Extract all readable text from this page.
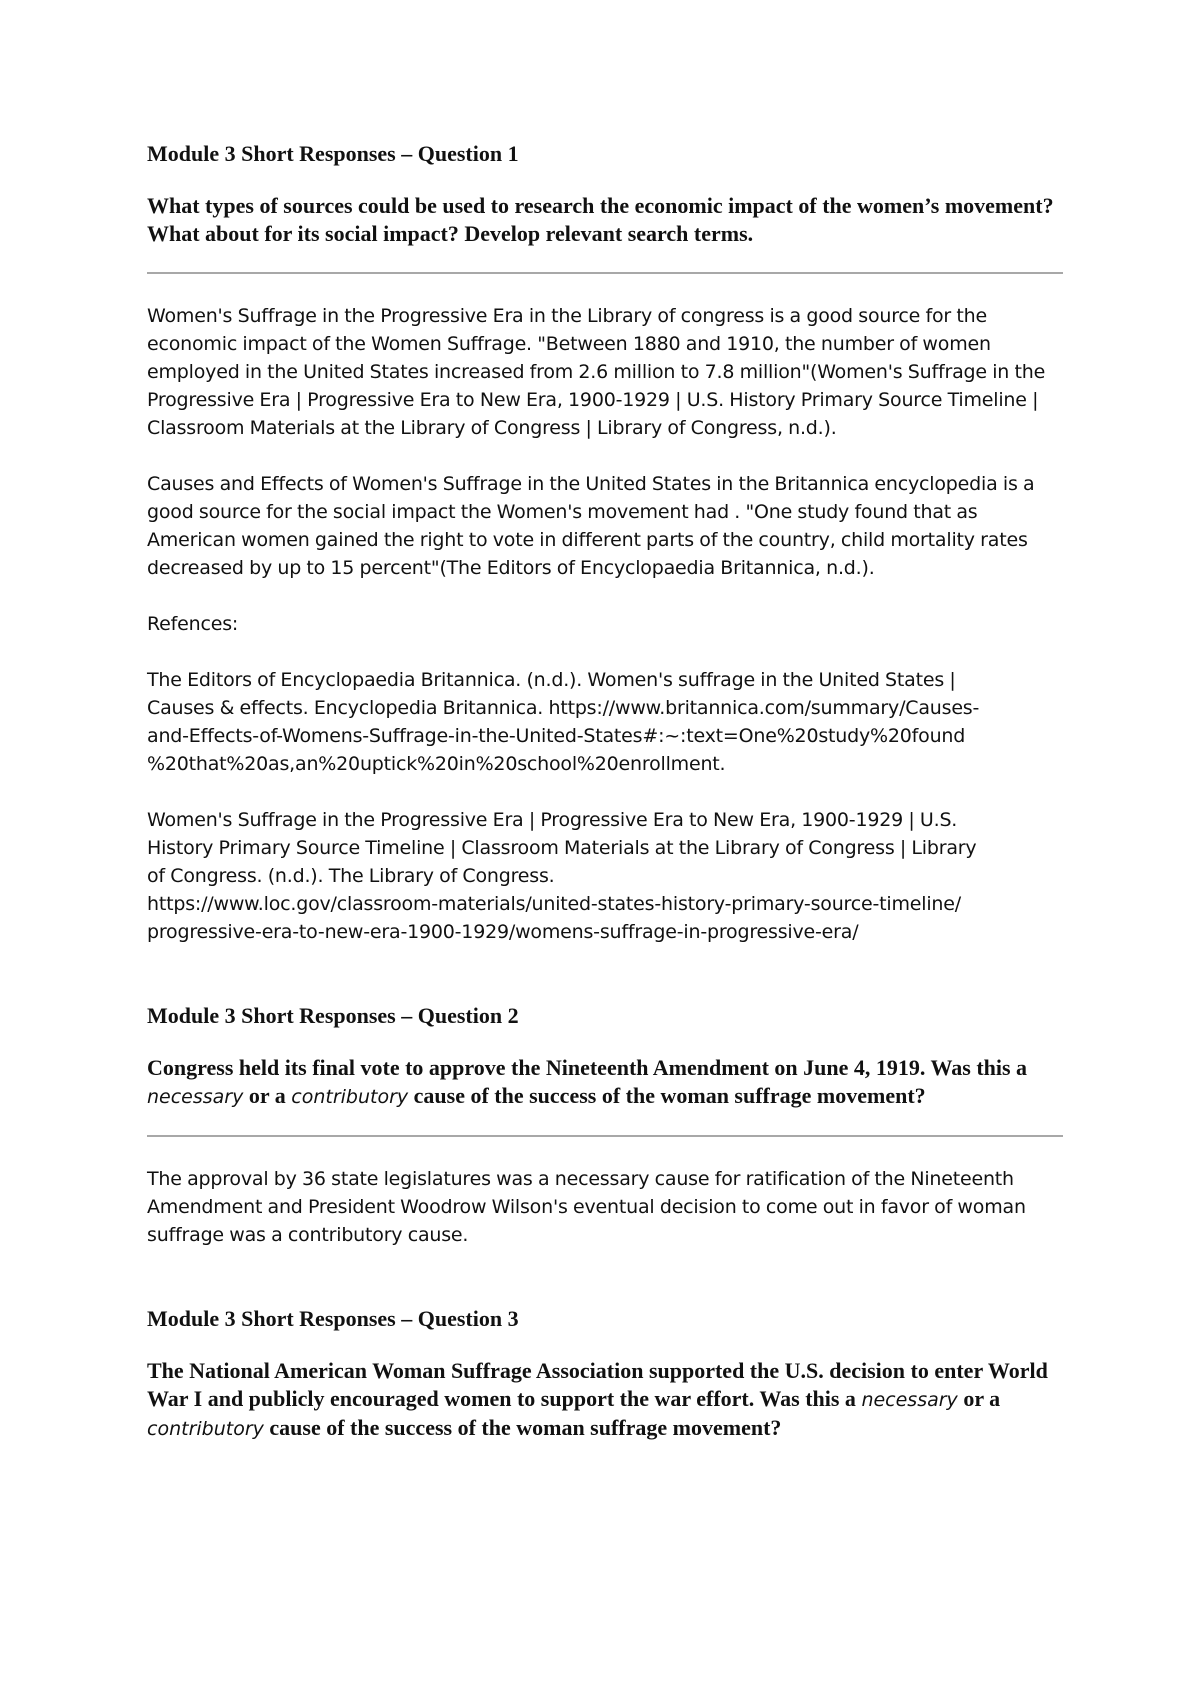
Module 3 Short Responses – Question 1

What types of sources could be used to research the economic impact of the women’s movement? What about for its social impact? Develop relevant search terms.

Women's Suffrage in the Progressive Era in the Library of congress is a good source for the economic impact of the Women Suffrage. "Between 1880 and 1910, the number of women employed in the United States increased from 2.6 million to 7.8 million"(Women's Suffrage in the Progressive Era | Progressive Era to New Era, 1900-1929 | U.S. History Primary Source Timeline | Classroom Materials at the Library of Congress | Library of Congress, n.d.).

Causes and Effects of Women's Suffrage in the United States in the Britannica encyclopedia is a good source for the social impact the Women's movement had . "One study found that as American women gained the right to vote in different parts of the country, child mortality rates decreased by up to 15 percent"(The Editors of Encyclopaedia Britannica, n.d.).

Refences:

The Editors of Encyclopaedia Britannica. (n.d.). Women's suffrage in the United States |
Causes & effects. Encyclopedia Britannica. https://www.britannica.com/summary/Causes-
and-Effects-of-Womens-Suffrage-in-the-United-States#:~:text=One%20study%20found
%20that%20as,an%20uptick%20in%20school%20enrollment.
Women's Suffrage in the Progressive Era | Progressive Era to New Era, 1900-1929 | U.S.
History Primary Source Timeline | Classroom Materials at the Library of Congress | Library
of Congress. (n.d.). The Library of Congress.
https://www.loc.gov/classroom-materials/united-states-history-primary-source-timeline/
progressive-era-to-new-era-1900-1929/womens-suffrage-in-progressive-era/

Module 3 Short Responses – Question 2

Congress held its final vote to approve the Nineteenth Amendment on June 4, 1919. Was this a necessary or a contributory cause of the success of the woman suffrage movement?

The approval by 36 state legislatures was a necessary cause for ratification of the Nineteenth Amendment and President Woodrow Wilson's eventual decision to come out in favor of woman suffrage was a contributory cause.

Module 3 Short Responses – Question 3

The National American Woman Suffrage Association supported the U.S. decision to enter World War I and publicly encouraged women to support the war effort. Was this a necessary or a contributory cause of the success of the woman suffrage movement?
